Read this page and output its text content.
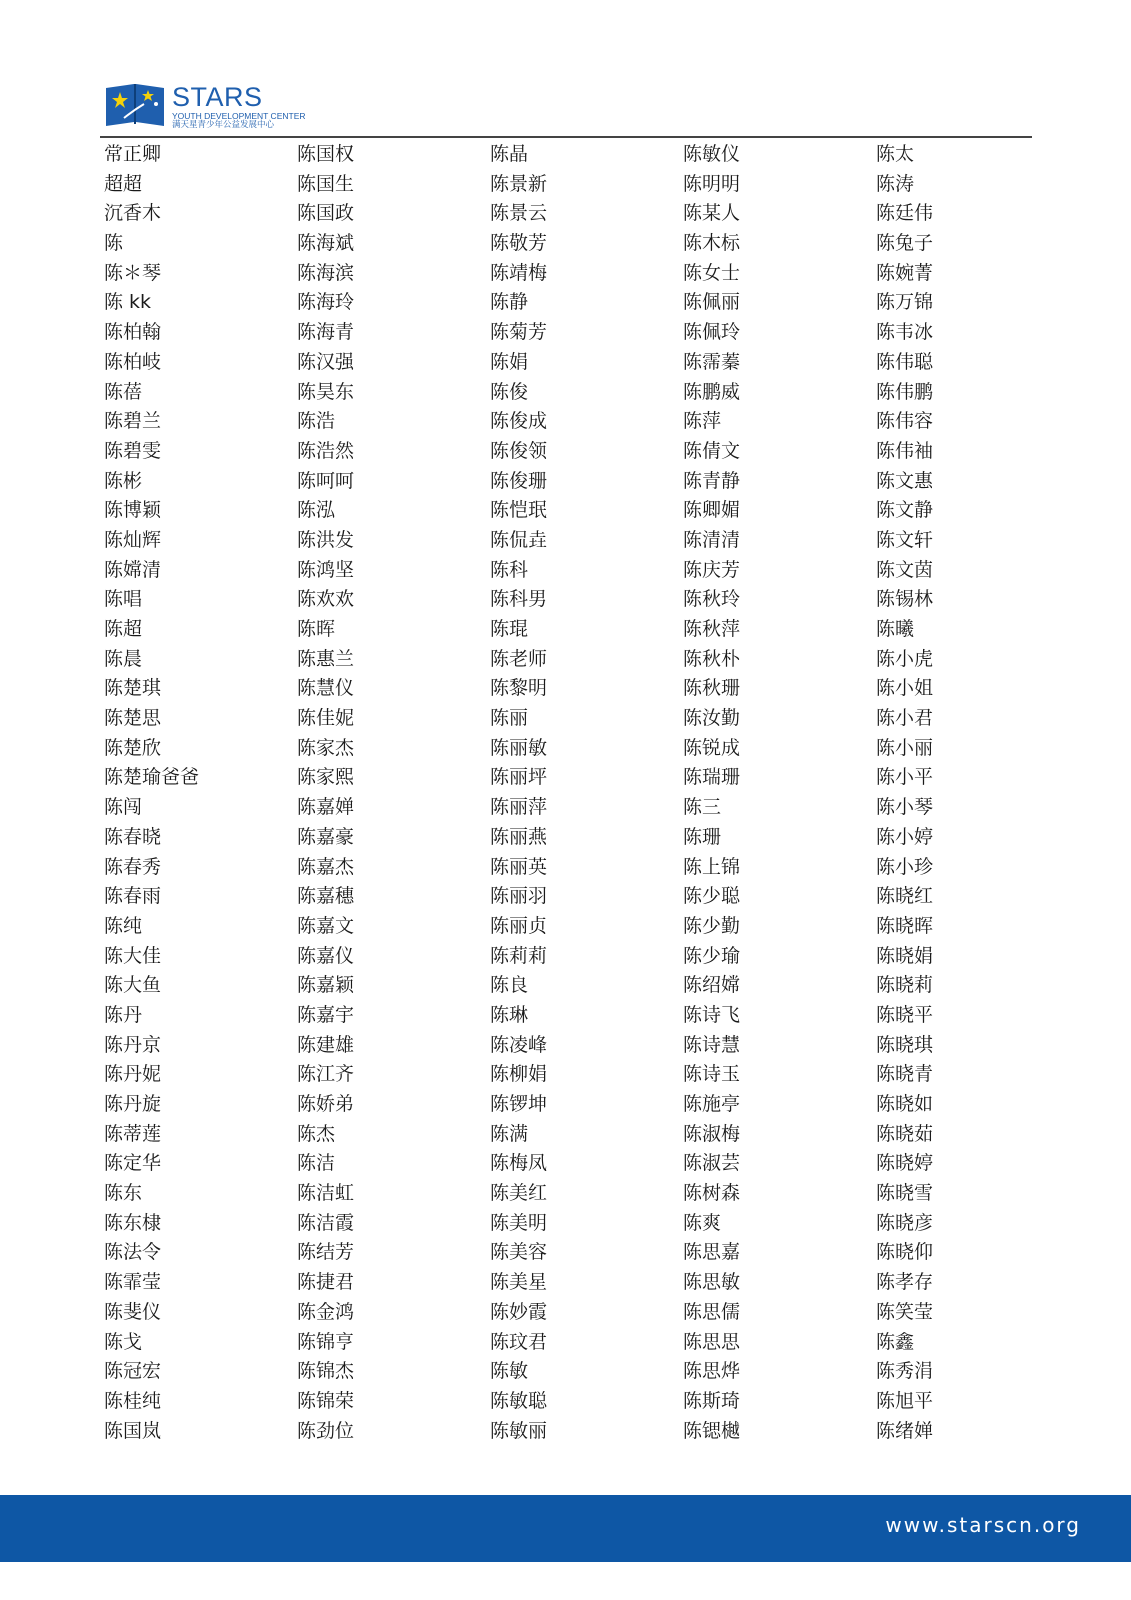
STARS
YOUTH DEVELOPMENT CENTER
满天星青少年公益发展中心
常正卿
超超
沉香木
陈
陈＊琴
陈 kk
陈柏翰
陈柏岐
陈蓓
陈碧兰
陈碧雯
陈彬
陈博颖
陈灿辉
陈嫦清
陈唱
陈超
陈晨
陈楚琪
陈楚思
陈楚欣
陈楚瑜爸爸
陈闯
陈春晓
陈春秀
陈春雨
陈纯
陈大佳
陈大鱼
陈丹
陈丹京
陈丹妮
陈丹旋
陈蒂莲
陈定华
陈东
陈东棣
陈法令
陈霏莹
陈斐仪
陈戈
陈冠宏
陈桂纯
陈国岚
陈国权
陈国生
陈国政
陈海斌
陈海滨
陈海玲
陈海青
陈汉强
陈昊东
陈浩
陈浩然
陈呵呵
陈泓
陈洪发
陈鸿坚
陈欢欢
陈晖
陈惠兰
陈慧仪
陈佳妮
陈家杰
陈家熙
陈嘉婵
陈嘉豪
陈嘉杰
陈嘉穗
陈嘉文
陈嘉仪
陈嘉颖
陈嘉宇
陈建雄
陈江齐
陈娇弟
陈杰
陈洁
陈洁虹
陈洁霞
陈结芳
陈捷君
陈金鸿
陈锦亨
陈锦杰
陈锦荣
陈劲位
陈晶
陈景新
陈景云
陈敬芳
陈靖梅
陈静
陈菊芳
陈娟
陈俊
陈俊成
陈俊领
陈俊珊
陈恺珉
陈侃垚
陈科
陈科男
陈琨
陈老师
陈黎明
陈丽
陈丽敏
陈丽坪
陈丽萍
陈丽燕
陈丽英
陈丽羽
陈丽贞
陈莉莉
陈良
陈琳
陈凌峰
陈柳娟
陈锣坤
陈满
陈梅凤
陈美红
陈美明
陈美容
陈美星
陈妙霞
陈玟君
陈敏
陈敏聪
陈敏丽
陈敏仪
陈明明
陈某人
陈木标
陈女士
陈佩丽
陈佩玲
陈霈蓁
陈鹏威
陈萍
陈倩文
陈青静
陈卿媚
陈清清
陈庆芳
陈秋玲
陈秋萍
陈秋朴
陈秋珊
陈汝勤
陈锐成
陈瑞珊
陈三
陈珊
陈上锦
陈少聪
陈少勤
陈少瑜
陈绍嫦
陈诗飞
陈诗慧
陈诗玉
陈施亭
陈淑梅
陈淑芸
陈树森
陈爽
陈思嘉
陈思敏
陈思儒
陈思思
陈思烨
陈斯琦
陈锶樾
陈太
陈涛
陈廷伟
陈兔子
陈婉菁
陈万锦
陈韦冰
陈伟聪
陈伟鹏
陈伟容
陈伟袖
陈文惠
陈文静
陈文轩
陈文茵
陈锡林
陈曦
陈小虎
陈小姐
陈小君
陈小丽
陈小平
陈小琴
陈小婷
陈小珍
陈晓红
陈晓晖
陈晓娟
陈晓莉
陈晓平
陈晓琪
陈晓青
陈晓如
陈晓茹
陈晓婷
陈晓雪
陈晓彦
陈晓仰
陈孝存
陈笑莹
陈鑫
陈秀涓
陈旭平
陈绪婵
www.starscn.org
